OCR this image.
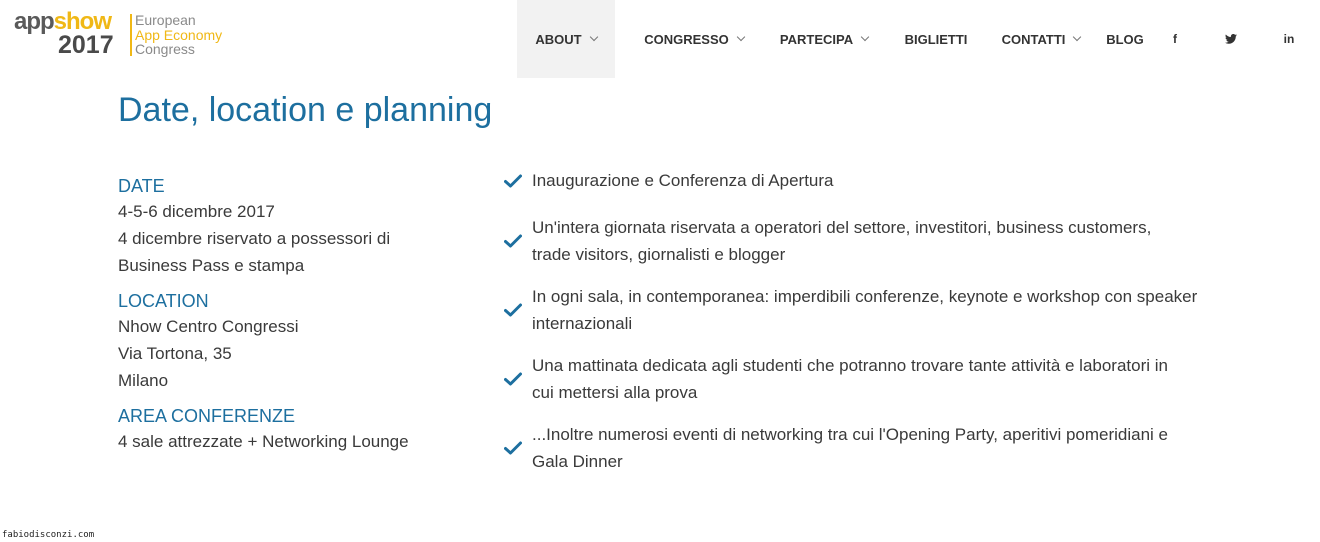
appshow
2017
European
App Economy
Congress
ABOUT	CONGRESSO	PARTECIPA	BIGLIETTI	CONTATTI	BLOG f	in
Date, location e planning
DATE
4-5-6 dicembre 2017
4 dicembre riservato a possessori di
Business Pass e stampa
LOCATION
Nhow Centro Congressi
Via Tortona, 35
Milano
AREA CONFERENZE
4 sale attrezzate + Networking Lounge
Inaugurazione e Conferenza di Apertura
Un'intera giornata riservata a operatori del settore, investitori, business customers,
trade visitors, giornalisti e blogger
In ogni sala, in contemporanea: imperdibili conferenze, keynote e workshop con speaker
internazionali
Una mattinata dedicata agli studenti che potranno trovare tante attività e laboratori in
cui mettersi alla prova
...Inoltre numerosi eventi di networking tra cui l'Opening Party, aperitivi pomeridiani e
Gala Dinner
fabiodisconzi.com
